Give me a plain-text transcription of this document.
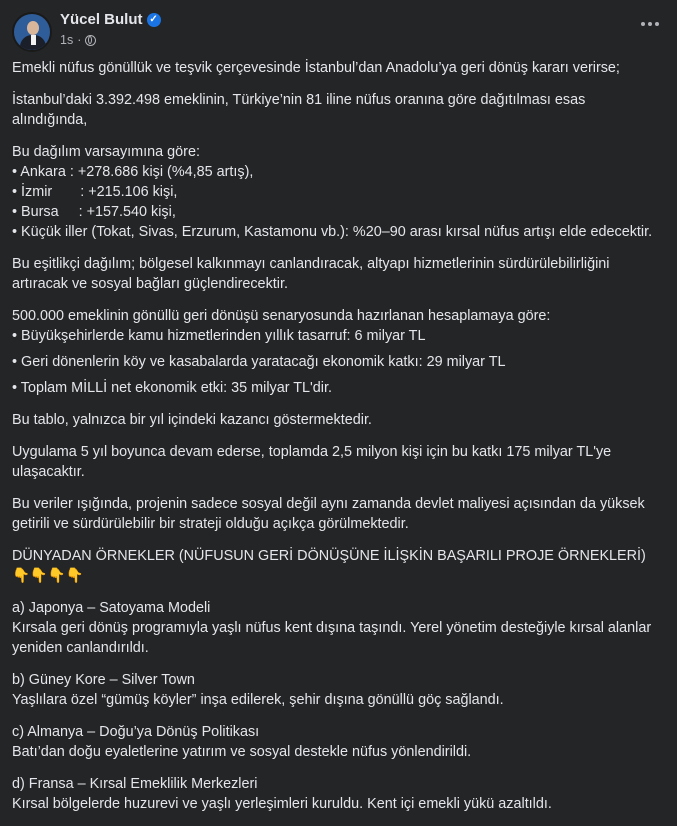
Yücel Bulut ✓
1s ·

Emekli nüfus gönüllük ve teşvik çerçevesinde İstanbul’dan Anadolu’ya geri dönüş kararı verirse;

İstanbul’daki 3.392.498 emeklinin, Türkiye’nin 81 iline nüfus oranına göre dağıtılması esas
alındığında,

Bu dağılım varsayımına göre:
• Ankara : +278.686 kişi (%4,85 artış),
• İzmir       : +215.106 kişi,
• Bursa     : +157.540 kişi,
• Küçük iller (Tokat, Sivas, Erzurum, Kastamonu vb.): %20–90 arası kırsal nüfus artışı elde edecektir.

Bu eşitlikçi dağılım; bölgesel kalkınmayı canlandıracak, altyapı hizmetlerinin sürdürülebilirliğini
artıracak ve sosyal bağları güçlendirecektir.

500.000 emeklinin gönüllü geri dönüşü senaryosunda hazırlanan hesaplamaya göre:
• Büyükşehirlerde kamu hizmetlerinden yıllık tasarruf: 6 milyar TL

• Geri dönenlerin köy ve kasabalarda yaratacağı ekonomik katkı: 29 milyar TL

• Toplam MİLLİ net ekonomik etki: 35 milyar TL'dir.

Bu tablo, yalnızca bir yıl içindeki kazancı göstermektedir.

Uygulama 5 yıl boyunca devam ederse, toplamda 2,5 milyon kişi için bu katkı 175 milyar TL'ye
ulaşacaktır.

Bu veriler ışığında, projenin sadece sosyal değil aynı zamanda devlet maliyesi açısından da yüksek
getirili ve sürdürülebilir bir strateji olduğu açıkça görülmektedir.

DÜNYADAN ÖRNEKLER (NÜFUSUN GERİ DÖNÜŞÜNE İLİŞKİN BAŞARILI PROJE ÖRNEKLERİ)
👇👇👇👇

a) Japonya – Satoyama Modeli
Kırsala geri dönüş programıyla yaşlı nüfus kent dışına taşındı. Yerel yönetim desteğiyle kırsal alanlar
yeniden canlandırıldı.

b) Güney Kore – Silver Town
Yaşlılara özel “gümüş köyler” inşa edilerek, şehir dışına gönüllü göç sağlandı.

c) Almanya – Doğu’ya Dönüş Politikası
Batı’dan doğu eyaletlerine yatırım ve sosyal destekle nüfus yönlendirildi.

d) Fransa – Kırsal Emeklilik Merkezleri
Kırsal bölgelerde huzurevi ve yaşlı yerleşimleri kuruldu. Kent içi emekli yükü azaltıldı.
